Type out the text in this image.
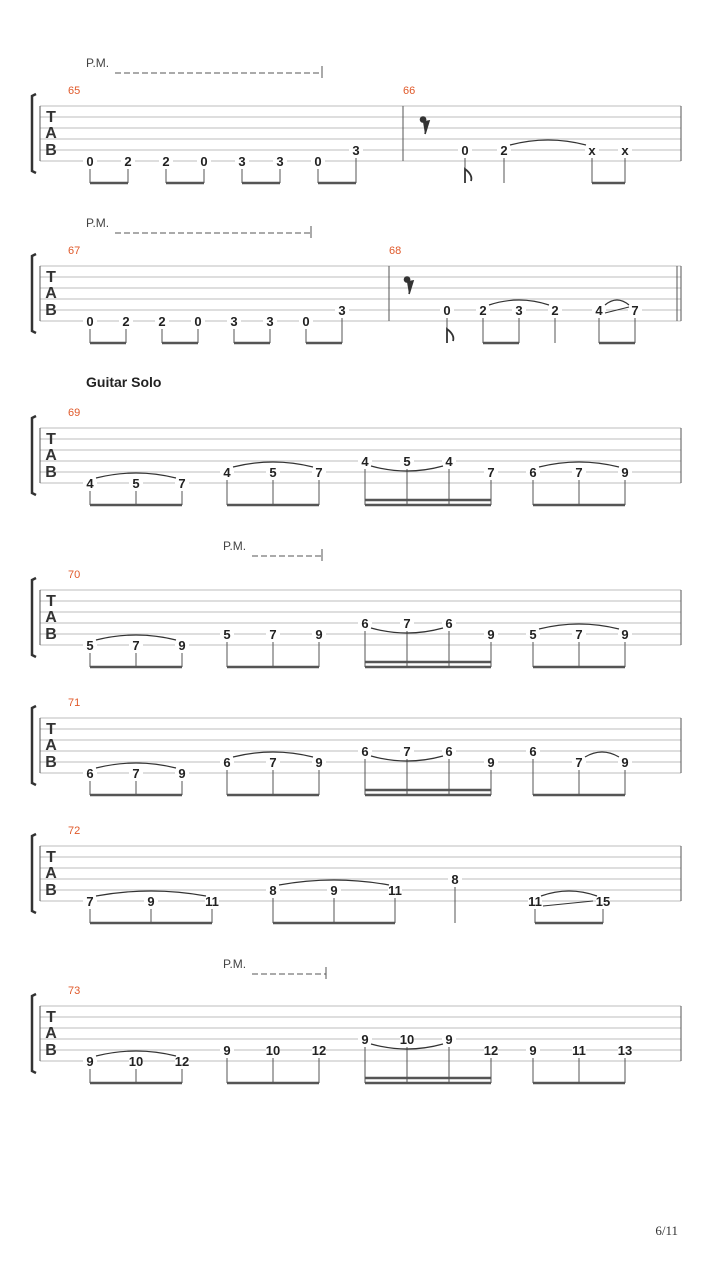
Guitar Solo
T
A
B
65	66
P.M.
0 2 2 0 3 3 0
3	0 2	x x
T
A
B
67	68
P.M.
0 2 2 0 3 3 0
3	0 2 3 2	4 7
T
A
B
69
4	5	7
4	5	7
4	5	4
7	6	7	9
T
A
B
70
P.M.
5	7	9
5	7	9
6	7	6
9	5	7	9
T
A
B
71
6	7	9
6	7	9
6	7	6
9
6
7	9
T
A
B
72
7	9	11
8	9	11
8
11	15
T
A
B
73
P.M.
9	10 12
9	10 12
9 10 9
12 9	11 13
6/11
